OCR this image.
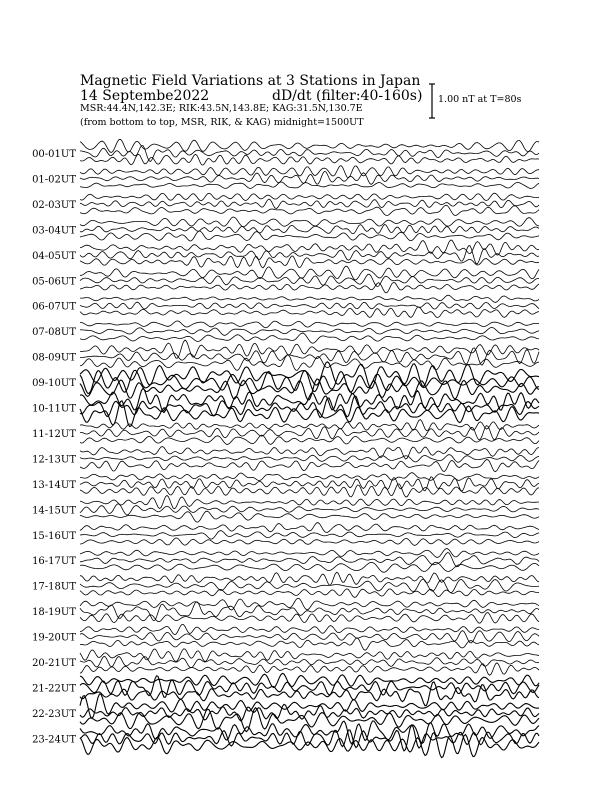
Magnetic Field Variations at 3 Stations in Japan
14 Septembe2022	dD/dt (filter:40-160s)
MSR:44.4N,142.3E; RIK:43.5N,143.8E; KAG:31.5N,130.7E
(from bottom to top, MSR, RIK, & KAG) midnight=1500UT
1.00 nT at T=80s
00-01UT
01-02UT
02-03UT
03-04UT
04-05UT
05-06UT
06-07UT
07-08UT
08-09UT
09-10UT
10-11UT
11-12UT
12-13UT
13-14UT
14-15UT
15-16UT
16-17UT
17-18UT
18-19UT
19-20UT
20-21UT
21-22UT
22-23UT
23-24UT
